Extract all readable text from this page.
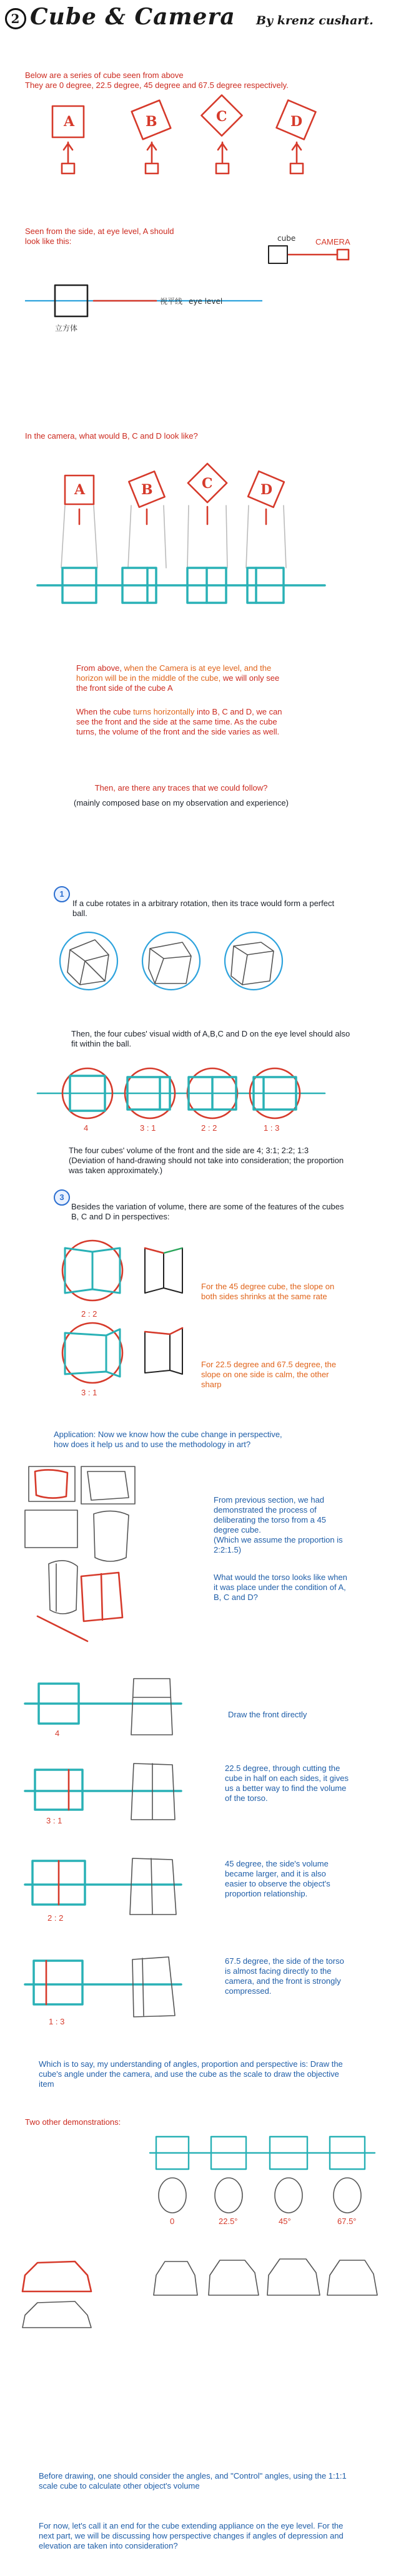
2 Cube & Camera By krenz cushart.
Below are a series of cube seen from above
They are 0 degree, 22.5 degree, 45 degree and 67.5 degree respectively.
A	B	C	D
Seen from the side, at eye level, A should
look like this:	cube CAMERA
视平线 eye level
立方体
In the camera, what would B, C and D look like?
A	B	C	D
From above, when the Camera is at eye level, and the horizon will be in the middle of the cube, we will only see the front side of the cube A
When the cube turns horizontally into B, C and D, we can see the front and the side at the same time. As the cube turns, the volume of the front and the side varies as well.
Then, are there any traces that we could follow?
(mainly composed base on my observation and experience)
1
If a cube rotates in a arbitrary rotation, then its trace would form a perfect ball.
Then, the four cubes' visual width of A,B,C and D on the eye level should also fit within the ball.
4	3 : 1	2 : 2	1 : 3
The four cubes' volume of the front and the side are 4; 3:1; 2:2; 1:3
(Deviation of hand-drawing should not take into consideration; the proportion was taken approximately.)
3
Besides the variation of volume, there are some of the features of the cubes B, C and D in perspectives:
2 : 2
3 : 1
For the 45 degree cube, the slope on both sides shrinks at the same rate
For 22.5 degree and 67.5 degree, the slope on one side is calm, the other sharp
Application: Now we know how the cube change in perspective,
how does it help us and to use the methodology in art?
From previous section, we had demonstrated the process of deliberating the torso from a 45 degree cube.
(Which we assume the proportion is 2:2:1.5)
What would the torso looks like when it was place under the condition of A, B, C and D?
4
3 : 1
2 : 2
1 : 3
Draw the front directly
22.5 degree, through cutting the cube in half on each sides, it gives us a better way to find the volume of the torso.
45 degree, the side's volume became larger, and it is also easier to observe the object's proportion relationship.
67.5 degree, the side of the torso is almost facing directly to the camera, and the front is strongly compressed.
Which is to say, my understanding of angles, proportion and perspective is: Draw the cube's angle under the camera, and use the cube as the scale to draw the objective item
Two other demonstrations:
0	22.5°	45°	67.5°
Before drawing, one should consider the angles, and "Control" angles, using the 1:1:1 scale cube to calculate other object's volume
For now, let's call it an end for the cube extending appliance on the eye level. For the next part, we will be discussing how perspective changes if angles of depression and elevation are taken into consideration?
